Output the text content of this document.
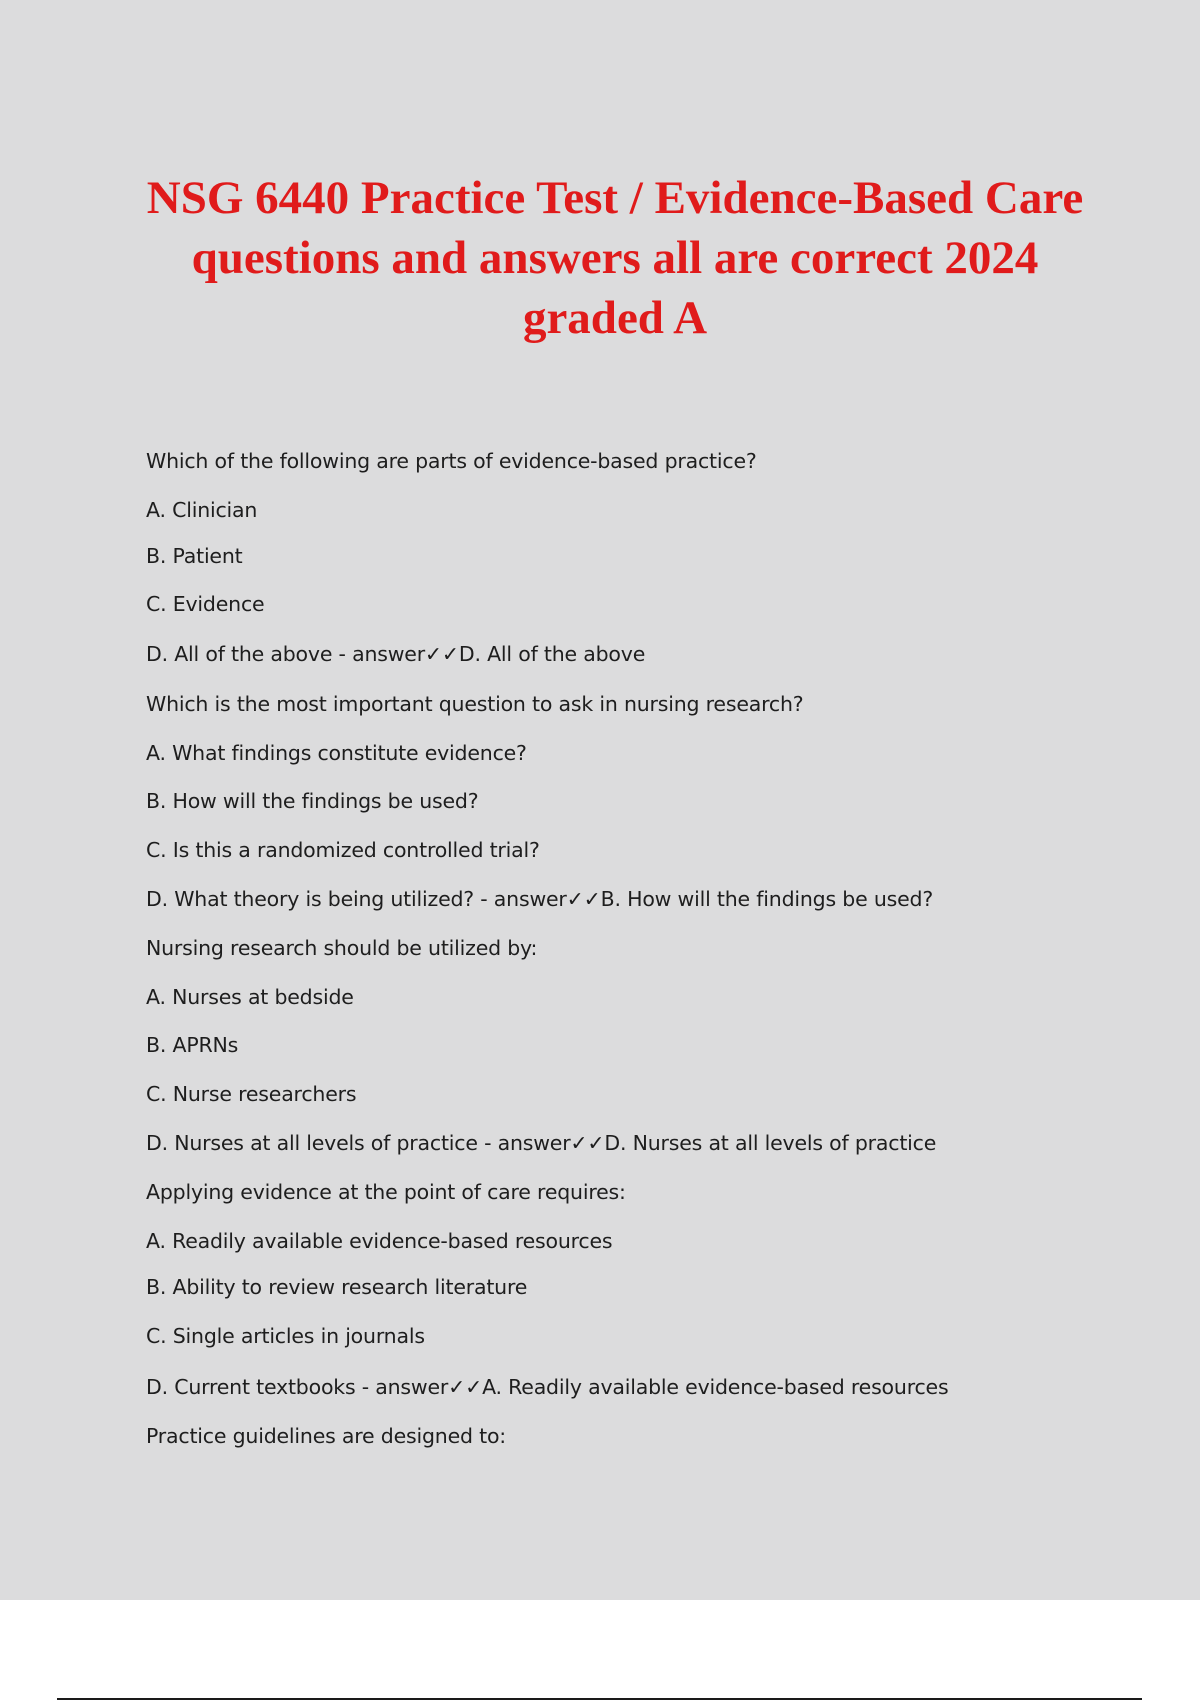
NSG 6440 Practice Test / Evidence-Based Care questions and answers all are correct 2024 graded A
Which of the following are parts of evidence-based practice?
A. Clinician
B. Patient
C. Evidence
D. All of the above - answer✓✓D. All of the above
Which is the most important question to ask in nursing research?
A. What findings constitute evidence?
B. How will the findings be used?
C. Is this a randomized controlled trial?
D. What theory is being utilized? - answer✓✓B. How will the findings be used?
Nursing research should be utilized by:
A. Nurses at bedside
B. APRNs
C. Nurse researchers
D. Nurses at all levels of practice - answer✓✓D. Nurses at all levels of practice
Applying evidence at the point of care requires:
A. Readily available evidence-based resources
B. Ability to review research literature
C. Single articles in journals
D. Current textbooks - answer✓✓A. Readily available evidence-based resources
Practice guidelines are designed to:
